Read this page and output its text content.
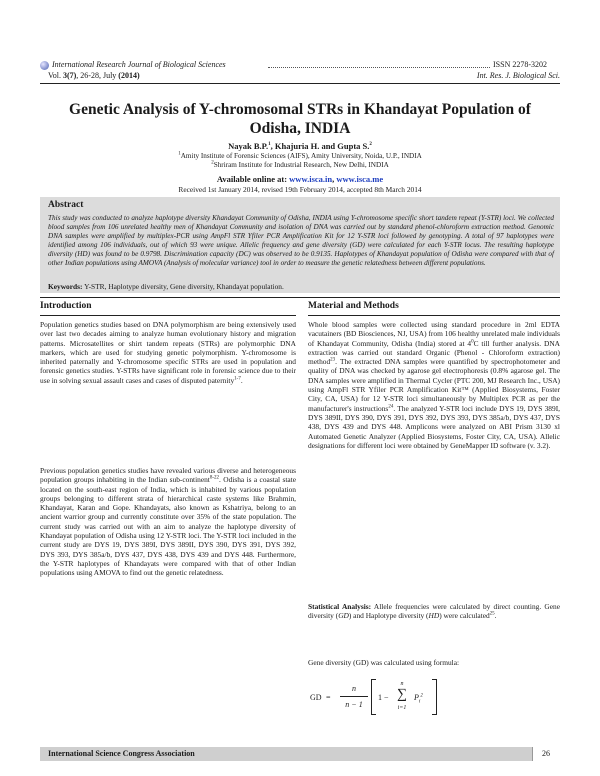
International Research Journal of Biological Sciences	ISSN 2278-3202
Vol. 3(7), 26-28, July (2014)	Int. Res. J. Biological Sci.
Genetic Analysis of Y-chromosomal STRs in Khandayat Population of
Odisha, INDIA
Nayak B.P.$^1$, Khajuria H. and Gupta S.$^2$
$^1$Amity Institute of Forensic Sciences (AIFS), Amity University, Noida, U.P., INDIA
$^2$Shriram Institute for Industrial Research, New Delhi, INDIA
Available online at: www.isca.in, www.isca.me
Received 1st January 2014, revised 19th February 2014, accepted 8th March 2014
Abstract
This study was conducted to analyze haplotype diversity Khandayat Community of Odisha, INDIA using Y-chromosome specific short tandem repeat (Y-STR) loci. We collected blood samples from 106 unrelated healthy men of Khandayat Community and isolation of DNA was carried out by standard phenol-chloroform extraction method. Genomic DNA samples were amplified by multiplex-PCR using AmpFl STR Yfiler PCR Amplification Kit for 12 Y-STR loci followed by genotyping. A total of 97 haplotypes were identified among 106 individuals, out of which 93 were unique. Allelic frequency and gene diversity (GD) were calculated for each Y-STR locus. The resulting haplotype diversity (HD) was found to be 0.9798. Discrimination capacity (DC) was observed to be 0.9135. Haplotypes of Khandayat population of Odisha were compared with that of other Indian populations using AMOVA (Analysis of molecular variance) tool in order to measure the genetic relatedness between different populations.
Keywords: Y-STR, Haplotype diversity, Gene diversity, Khandayat population.
Introduction
Population genetics studies based on DNA polymorphism are being extensively used over last two decades aiming to analyze human evolutionary history and migration patterns. Microsatellites or shirt tandem repeats (STRs) are polymorphic DNA markers, which are used for studying genetic polymorphism. Y-chromosome is inherited paternally and Y-chromosome specific STRs are used in population and forensic genetics studies. Y-STRs have significant role in forensic science due to their use in solving sexual assault cases and cases of disputed paternity$^{1-7}$.
Previous population genetics studies have revealed various diverse and heterogeneous population groups inhabiting in the Indian sub-continent$^{8-22}$. Odisha is a coastal state located on the south-east region of India, which is inhabited by various population groups belonging to different strata of hierarchical caste systems like Brahmin, Khandayat, Karan and Gope. Khandayats, also known as Kshatriya, belong to an ancient warrior group and currently constitute over 35% of the state population. The current study was carried out with an aim to analyze the haplotype diversity of Khandayat population of Odisha using 12 Y-STR loci. The Y-STR loci included in the current study are DYS 19, DYS 389I, DYS 389II, DYS 390, DYS 391, DYS 392, DYS 393, DYS 385a/b, DYS 437, DYS 438, DYS 439 and DYS 448. Furthermore, the Y-STR haplotypes of Khandayats were compared with that of other Indian populations using AMOVA to find out the genetic relatedness.
Material and Methods
Whole blood samples were collected using standard procedure in 2ml EDTA vacutainers (BD Biosciences, NJ, USA) from 106 healthy unrelated male individuals of Khandayat Community, Odisha (India) stored at $4^0C$ till further analysis. DNA extraction was carried out standard Organic (Phenol - Chloroform extraction) method$^{23}$. The extracted DNA samples were quantified by spectrophotometer and quality of DNA was checked by agarose gel electrophoresis (0.8% agarose gel. The DNA samples were amplified in Thermal Cycler (PTC 200, MJ Research Inc., USA) using AmpFl STR Yfiler PCR Amplification Kit™ (Applied Biosystems, Foster City, CA, USA) for 12 Y-STR loci simultaneously by Multiplex PCR as per the manufacturer's instructions$^{24}$. The analyzed Y-STR loci include DYS 19, DYS 389I, DYS 389II, DYS 390, DYS 391, DYS 392, DYS 393, DYS 385a/b, DYS 437, DYS 438, DYS 439 and DYS 448. Amplicons were analyzed on ABI Prism 3130 xl Automated Genetic Analyzer (Applied Biosystems, Foster City, CA, USA). Allelic designations for different loci were obtained by GeneMapper ID software (v. 3.2).
Statistical Analysis: Allele frequencies were calculated by direct counting. Gene diversity (GD) and Haplotype diversity (HD) were calculated$^{25}$.
Gene diversity (GD) was calculated using formula:
GD =
n
n − 1
1 −
n
∑
i=1
$P_i^2$
International Science Congress Association	26
